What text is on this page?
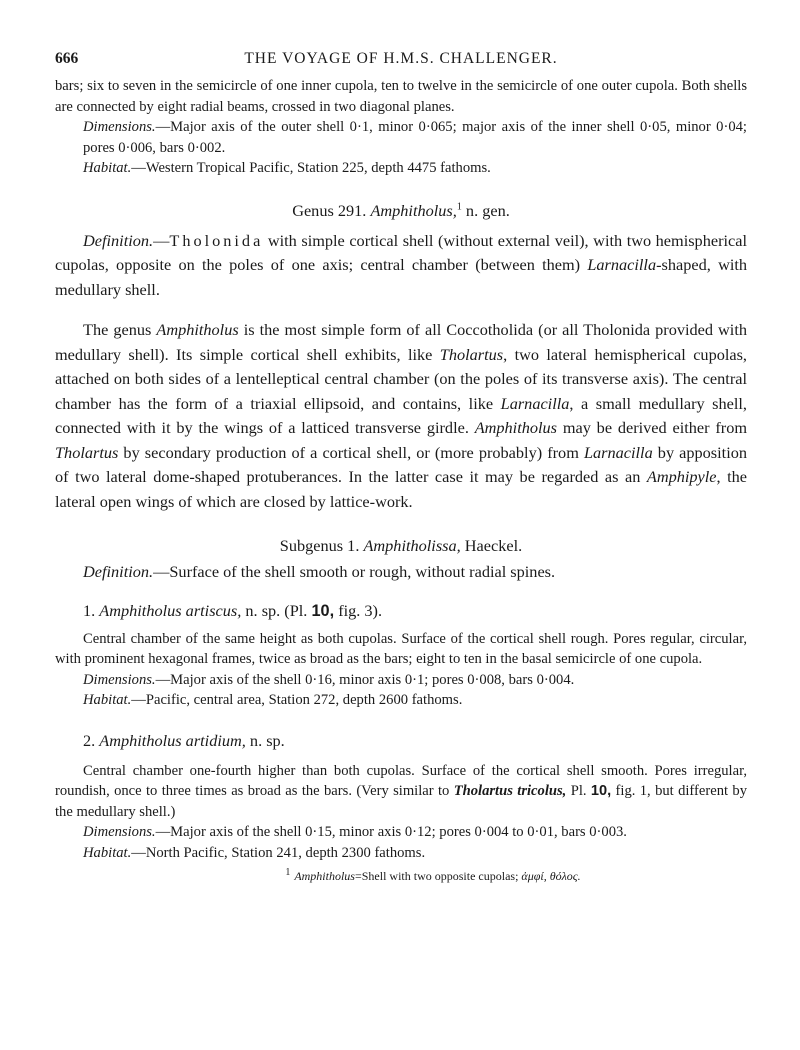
666	THE VOYAGE OF H.M.S. CHALLENGER.

bars; six to seven in the semicircle of one inner cupola, ten to twelve in the semicircle of one outer cupola. Both shells are connected by eight radial beams, crossed in two diagonal planes.

Dimensions.—Major axis of the outer shell 0·1, minor 0·065; major axis of the inner shell 0·05, minor 0·04; pores 0·006, bars 0·002.

Habitat.—Western Tropical Pacific, Station 225, depth 4475 fathoms.

Genus 291. Amphitholus,$^1$ n. gen.

Definition.—Tholonida with simple cortical shell (without external veil), with two hemispherical cupolas, opposite on the poles of one axis; central chamber (between them) Larnacilla-shaped, with medullary shell.

The genus Amphitholus is the most simple form of all Coccotholida (or all Tholonida provided with medullary shell). Its simple cortical shell exhibits, like Tholartus, two lateral hemispherical cupolas, attached on both sides of a lentelleptical central chamber (on the poles of its transverse axis). The central chamber has the form of a triaxial ellipsoid, and contains, like Larnacilla, a small medullary shell, connected with it by the wings of a latticed transverse girdle. Amphitholus may be derived either from Tholartus by secondary production of a cortical shell, or (more probably) from Larnacilla by apposition of two lateral dome-shaped protuberances. In the latter case it may be regarded as an Amphipyle, the lateral open wings of which are closed by lattice-work.

Subgenus 1. Amphitholissa, Haeckel.

Definition.—Surface of the shell smooth or rough, without radial spines.

1. Amphitholus artiscus, n. sp. (Pl. 10, fig. 3).

Central chamber of the same height as both cupolas. Surface of the cortical shell rough. Pores regular, circular, with prominent hexagonal frames, twice as broad as the bars; eight to ten in the basal semicircle of one cupola.

Dimensions.—Major axis of the shell 0·16, minor axis 0·1; pores 0·008, bars 0·004.

Habitat.—Pacific, central area, Station 272, depth 2600 fathoms.

2. Amphitholus artidium, n. sp.

Central chamber one-fourth higher than both cupolas. Surface of the cortical shell smooth. Pores irregular, roundish, once to three times as broad as the bars. (Very similar to Tholartus tricolus, Pl. 10, fig. 1, but different by the medullary shell.)

Dimensions.—Major axis of the shell 0·15, minor axis 0·12; pores 0·004 to 0·01, bars 0·003.

Habitat.—North Pacific, Station 241, depth 2300 fathoms.

$^1$ Amphitholus=Shell with two opposite cupolas; ἀμφί, θόλος.
